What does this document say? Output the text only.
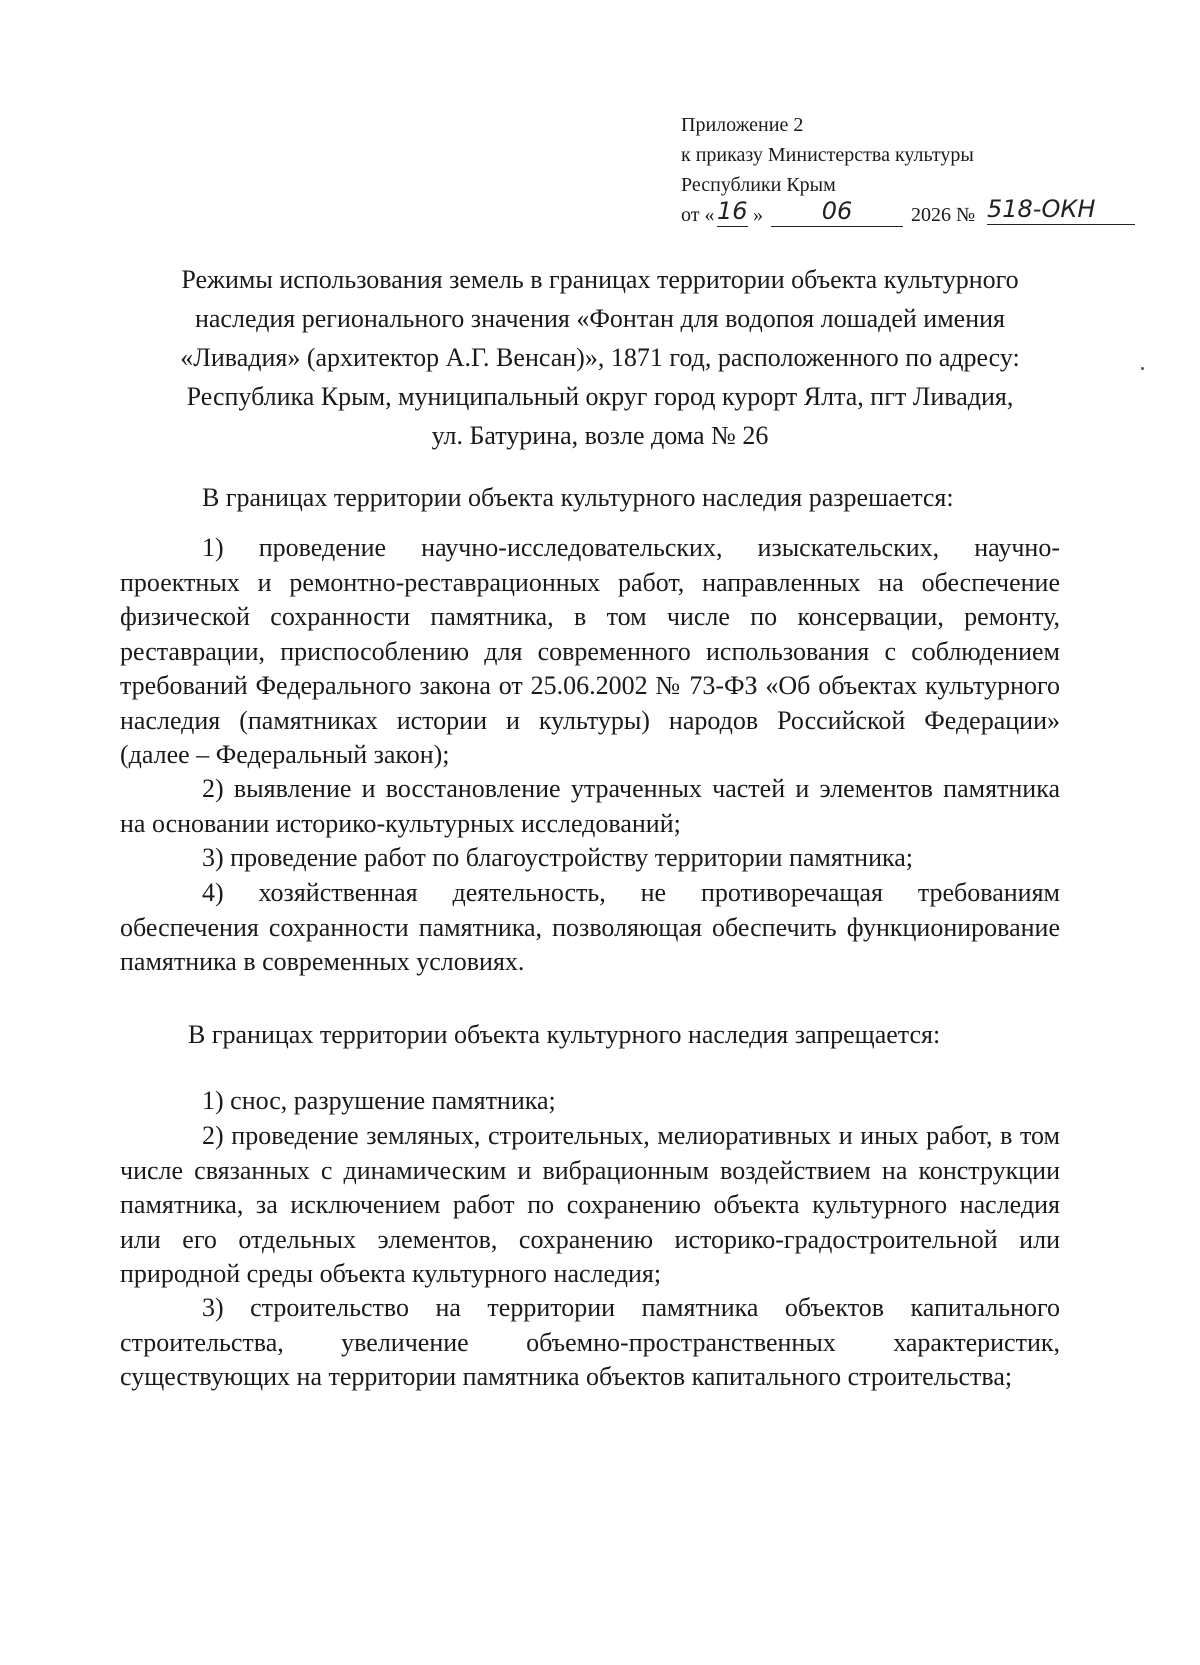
Приложение 2
к приказу Министерства культуры
Республики Крым
от « 16 »	06	2026 № 518-ОКН
Режимы использования земель в границах территории объекта культурного
наследия регионального значения «Фонтан для водопоя лошадей имения
«Ливадия» (архитектор А.Г. Венсан)», 1871 год, расположенного по адресу:
Республика Крым, муниципальный округ город курорт Ялта, пгт Ливадия,
ул. Батурина, возле дома № 26
В границах территории объекта культурного наследия разрешается:
1) проведение научно-исследовательских, изыскательских, научно-
проектных и ремонтно-реставрационных работ, направленных на обеспечение
физической сохранности памятника, в том числе по консервации, ремонту,
реставрации, приспособлению для современного использования с соблюдением
требований Федерального закона от 25.06.2002 № 73-ФЗ «Об объектах культурного
наследия (памятниках истории и культуры) народов Российской Федерации»
(далее – Федеральный закон);
2) выявление и восстановление утраченных частей и элементов памятника
на основании историко-культурных исследований;
3) проведение работ по благоустройству территории памятника;
4) хозяйственная деятельность, не противоречащая требованиям
обеспечения сохранности памятника, позволяющая обеспечить функционирование
памятника в современных условиях.
В границах территории объекта культурного наследия запрещается:
1) снос, разрушение памятника;
2) проведение земляных, строительных, мелиоративных и иных работ, в том
числе связанных с динамическим и вибрационным воздействием на конструкции
памятника, за исключением работ по сохранению объекта культурного наследия
или его отдельных элементов, сохранению историко-градостроительной или
природной среды объекта культурного наследия;
3) строительство на территории памятника объектов капитального
строительства, увеличение объемно-пространственных характеристик,
существующих на территории памятника объектов капитального строительства;
